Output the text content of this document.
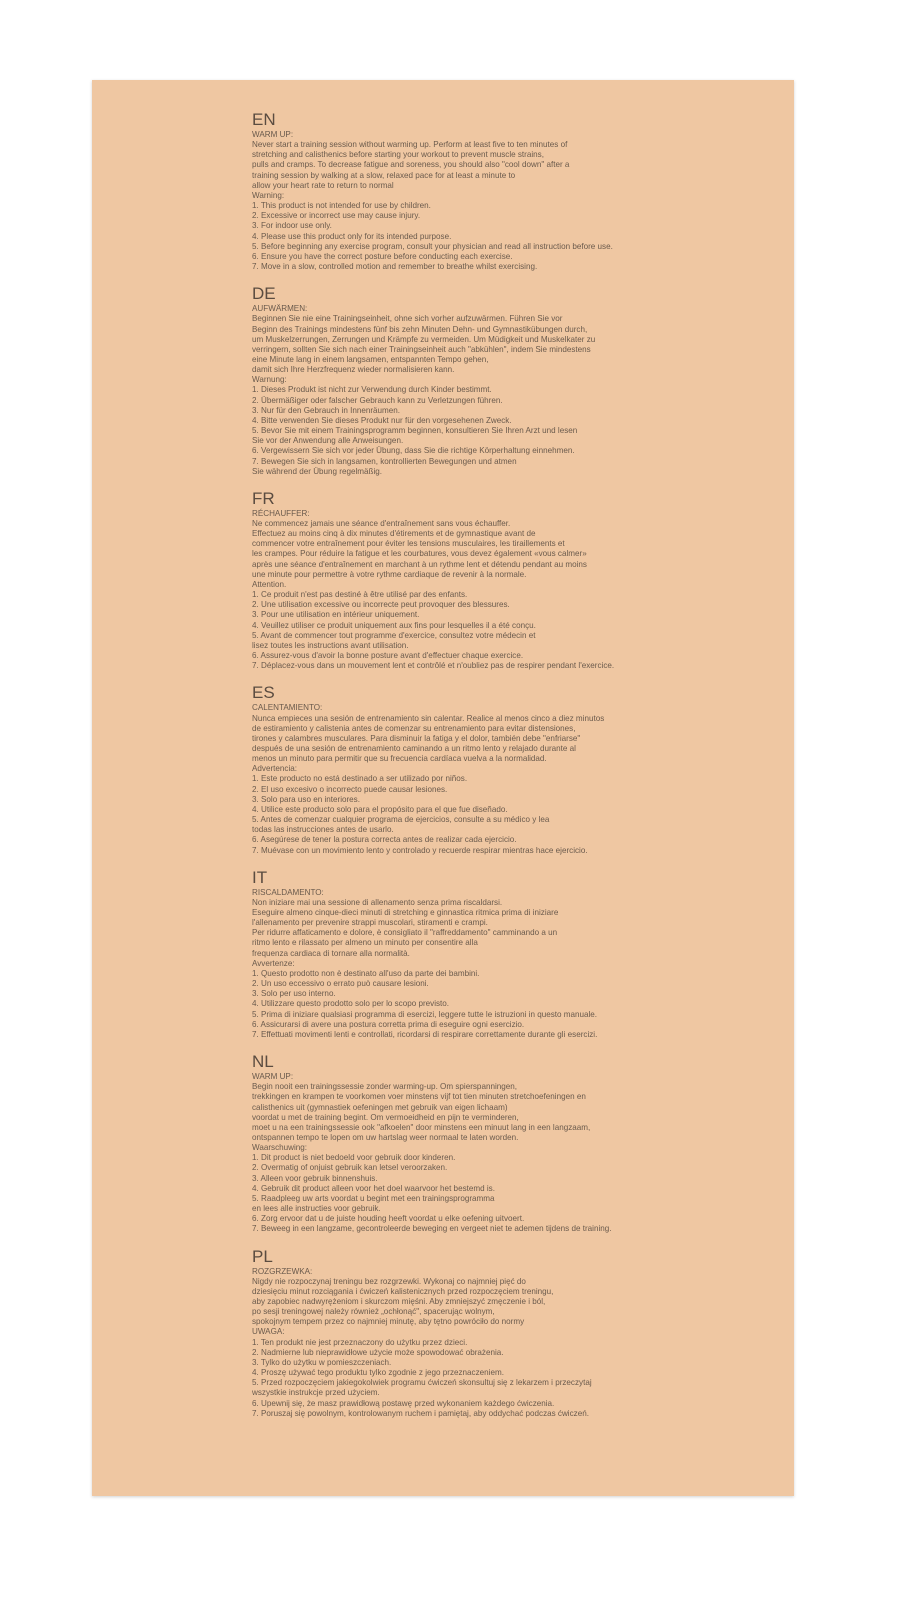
EN
WARM UP:
Never start a training session without warming up. Perform at least five to ten minutes of
stretching and calisthenics before starting your workout to prevent muscle strains,
pulls and cramps. To decrease fatigue and soreness, you should also "cool down" after a
training session by walking at a slow, relaxed pace for at least a minute to
allow your heart rate to return to normal
Warning:
1. This product is not intended for use by children.
2. Excessive or incorrect use may cause injury.
3. For indoor use only.
4. Please use this product only for its intended purpose.
5. Before beginning any exercise program, consult your physician and read all instruction before use.
6. Ensure you have the correct posture before conducting each exercise.
7. Move in a slow, controlled motion and remember to breathe whilst exercising.
DE
AUFWÄRMEN:
Beginnen Sie nie eine Trainingseinheit, ohne sich vorher aufzuwärmen. Führen Sie vor
Beginn des Trainings mindestens fünf bis zehn Minuten Dehn- und Gymnastikübungen durch,
um Muskelzerrungen, Zerrungen und Krämpfe zu vermeiden. Um Müdigkeit und Muskelkater zu
verringern, sollten Sie sich nach einer Trainingseinheit auch "abkühlen", indem Sie mindestens
eine Minute lang in einem langsamen, entspannten Tempo gehen,
damit sich Ihre Herzfrequenz wieder normalisieren kann.
Warnung:
1. Dieses Produkt ist nicht zur Verwendung durch Kinder bestimmt.
2. Übermäßiger oder falscher Gebrauch kann zu Verletzungen führen.
3. Nur für den Gebrauch in Innenräumen.
4. Bitte verwenden Sie dieses Produkt nur für den vorgesehenen Zweck.
5. Bevor Sie mit einem Trainingsprogramm beginnen, konsultieren Sie Ihren Arzt und lesen
Sie vor der Anwendung alle Anweisungen.
6. Vergewissern Sie sich vor jeder Übung, dass Sie die richtige Körperhaltung einnehmen.
7. Bewegen Sie sich in langsamen, kontrollierten Bewegungen und atmen
Sie während der Übung regelmäßig.
FR
RÉCHAUFFER:
Ne commencez jamais une séance d'entraînement sans vous échauffer.
Effectuez au moins cinq à dix minutes d'étirements et de gymnastique avant de
commencer votre entraînement pour éviter les tensions musculaires, les tiraillements et
les crampes. Pour réduire la fatigue et les courbatures, vous devez également «vous calmer»
après une séance d'entraînement en marchant à un rythme lent et détendu pendant au moins
une minute pour permettre à votre rythme cardiaque de revenir à la normale.
Attention.
1. Ce produit n'est pas destiné à être utilisé par des enfants.
2. Une utilisation excessive ou incorrecte peut provoquer des blessures.
3. Pour une utilisation en intérieur uniquement.
4. Veuillez utiliser ce produit uniquement aux fins pour lesquelles il a été conçu.
5. Avant de commencer tout programme d'exercice, consultez votre médecin et
lisez toutes les instructions avant utilisation.
6. Assurez-vous d'avoir la bonne posture avant d'effectuer chaque exercice.
7. Déplacez-vous dans un mouvement lent et contrôlé et n'oubliez pas de respirer pendant l'exercice.
ES
CALENTAMIENTO:
Nunca empieces una sesión de entrenamiento sin calentar. Realice al menos cinco a diez minutos
de estiramiento y calistenia antes de comenzar su entrenamiento para evitar distensiones,
tirones y calambres musculares. Para disminuir la fatiga y el dolor, también debe "enfriarse"
después de una sesión de entrenamiento caminando a un ritmo lento y relajado durante al
menos un minuto para permitir que su frecuencia cardíaca vuelva a la normalidad.
Advertencia:
1. Este producto no está destinado a ser utilizado por niños.
2. El uso excesivo o incorrecto puede causar lesiones.
3. Solo para uso en interiores.
4. Utilice este producto solo para el propósito para el que fue diseñado.
5. Antes de comenzar cualquier programa de ejercicios, consulte a su médico y lea
todas las instrucciones antes de usarlo.
6. Asegúrese de tener la postura correcta antes de realizar cada ejercicio.
7. Muévase con un movimiento lento y controlado y recuerde respirar mientras hace ejercicio.
IT
RISCALDAMENTO:
Non iniziare mai una sessione di allenamento senza prima riscaldarsi.
Eseguire almeno cinque-dieci minuti di stretching e ginnastica ritmica prima di iniziare
l'allenamento per prevenire strappi muscolari, stiramenti e crampi.
Per ridurre affaticamento e dolore, è consigliato il "raffreddamento" camminando a un
ritmo lento e rilassato per almeno un minuto per consentire alla
frequenza cardiaca di tornare alla normalità.
Avvertenze:
1. Questo prodotto non è destinato all'uso da parte dei bambini.
2. Un uso eccessivo o errato può causare lesioni.
3. Solo per uso interno.
4. Utilizzare questo prodotto solo per lo scopo previsto.
5. Prima di iniziare qualsiasi programma di esercizi, leggere tutte le istruzioni in questo manuale.
6. Assicurarsi di avere una postura corretta prima di eseguire ogni esercizio.
7. Effettuati movimenti lenti e controllati, ricordarsi di respirare correttamente durante gli esercizi.
NL
WARM UP:
Begin nooit een trainingssessie zonder warming-up. Om spierspanningen,
trekkingen en krampen te voorkomen voer minstens vijf tot tien minuten stretchoefeningen en
calisthenics uit (gymnastiek oefeningen met gebruik van eigen lichaam)
voordat u met de training begint. Om vermoeidheid en pijn te verminderen,
moet u na een trainingssessie ook "afkoelen" door minstens een minuut lang in een langzaam,
ontspannen tempo te lopen om uw hartslag weer normaal te laten worden.
Waarschuwing:
1. Dit product is niet bedoeld voor gebruik door kinderen.
2. Overmatig of onjuist gebruik kan letsel veroorzaken.
3. Alleen voor gebruik binnenshuis.
4. Gebruik dit product alleen voor het doel waarvoor het bestemd is.
5. Raadpleeg uw arts voordat u begint met een trainingsprogramma
en lees alle instructies voor gebruik.
6. Zorg ervoor dat u de juiste houding heeft voordat u elke oefening uitvoert.
7. Beweeg in een langzame, gecontroleerde beweging en vergeet niet te ademen tijdens de training.
PL
ROZGRZEWKA:
Nigdy nie rozpoczynaj treningu bez rozgrzewki. Wykonaj co najmniej pięć do
dziesięciu minut rozciągania i ćwiczeń kalistenicznych przed rozpoczęciem treningu,
aby zapobiec nadwyrężeniom i skurczom mięśni. Aby zmniejszyć zmęczenie i ból,
po sesji treningowej należy również „ochłonąć", spacerując wolnym,
spokojnym tempem przez co najmniej minutę, aby tętno powróciło do normy
UWAGA:
1. Ten produkt nie jest przeznaczony do użytku przez dzieci.
2. Nadmierne lub nieprawidłowe użycie może spowodować obrażenia.
3. Tylko do użytku w pomieszczeniach.
4. Proszę używać tego produktu tylko zgodnie z jego przeznaczeniem.
5. Przed rozpoczęciem jakiegokolwiek programu ćwiczeń skonsultuj się z lekarzem i przeczytaj
wszystkie instrukcje przed użyciem.
6. Upewnij się, że masz prawidłową postawę przed wykonaniem każdego ćwiczenia.
7. Poruszaj się powolnym, kontrolowanym ruchem i pamiętaj, aby oddychać podczas ćwiczeń.
